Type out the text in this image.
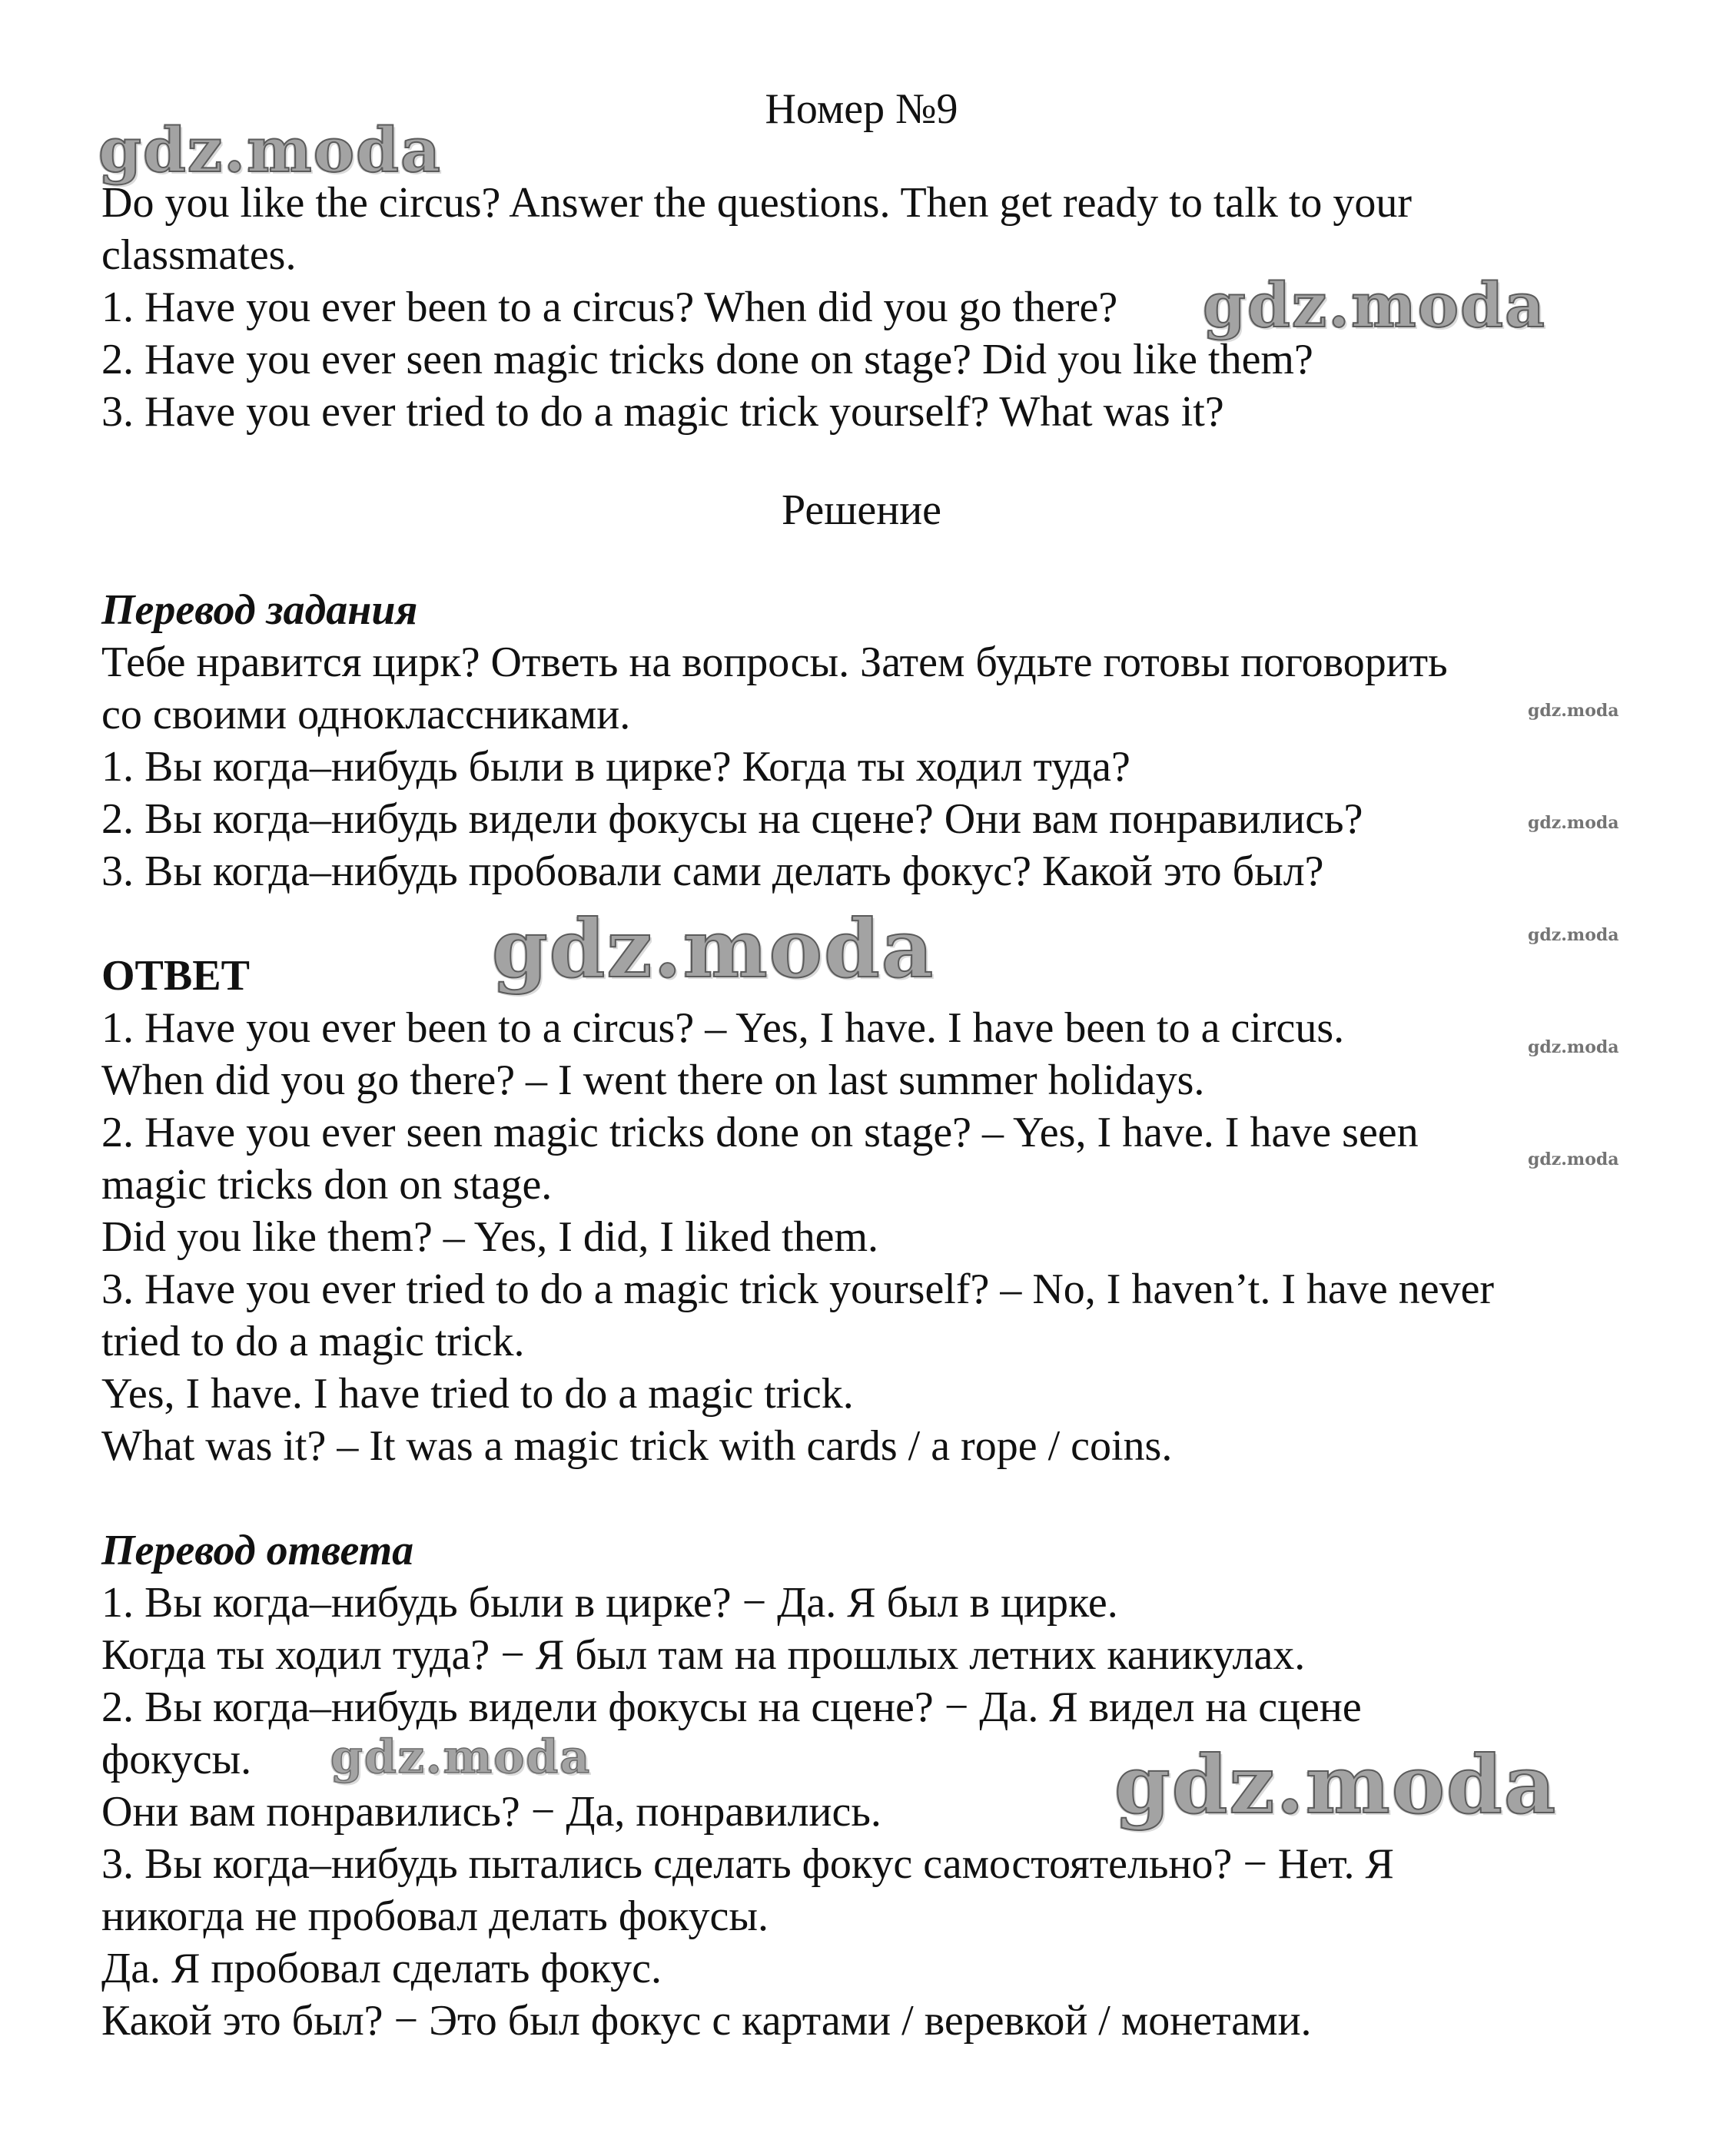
Номер №9
Do you like the circus? Answer the questions. Then get ready to talk to your
classmates.
1. Have you ever been to a circus? When did you go there?
2. Have you ever seen magic tricks done on stage? Did you like them?
3. Have you ever tried to do a magic trick yourself? What was it?
Решение
Перевод задания
Тебе нравится цирк? Ответь на вопросы. Затем будьте готовы поговорить
со своими одноклассниками.
1. Вы когда–нибудь были в цирке? Когда ты ходил туда?
2. Вы когда–нибудь видели фокусы на сцене? Они вам понравились?
3. Вы когда–нибудь пробовали сами делать фокус? Какой это был?
ОТВЕТ
1. Have you ever been to a circus? – Yes, I have. I have been to a circus.
When did you go there? – I went there on last summer holidays.
2. Have you ever seen magic tricks done on stage? – Yes, I have. I have seen
magic tricks don on stage.
Did you like them? – Yes, I did, I liked them.
3. Have you ever tried to do a magic trick yourself? – No, I haven’t. I have never
tried to do a magic trick.
Yes, I have. I have tried to do a magic trick.
What was it? – It was a magic trick with cards / a rope / coins.
Перевод ответа
1. Вы когда–нибудь были в цирке? − Да. Я был в цирке.
Когда ты ходил туда? − Я был там на прошлых летних каникулах.
2. Вы когда–нибудь видели фокусы на сцене? − Да. Я видел на сцене
фокусы.
Они вам понравились? − Да, понравились.
3. Вы когда–нибудь пытались сделать фокус самостоятельно? − Нет. Я
никогда не пробовал делать фокусы.
Да. Я пробовал сделать фокус.
Какой это был? − Это был фокус с картами / веревкой / монетами.
gdz.moda
gdz.moda
gdz.moda
gdz.moda
gdz.moda	gdz.moda
gdz.moda
gdz.moda
gdz.moda	gdz.moda
